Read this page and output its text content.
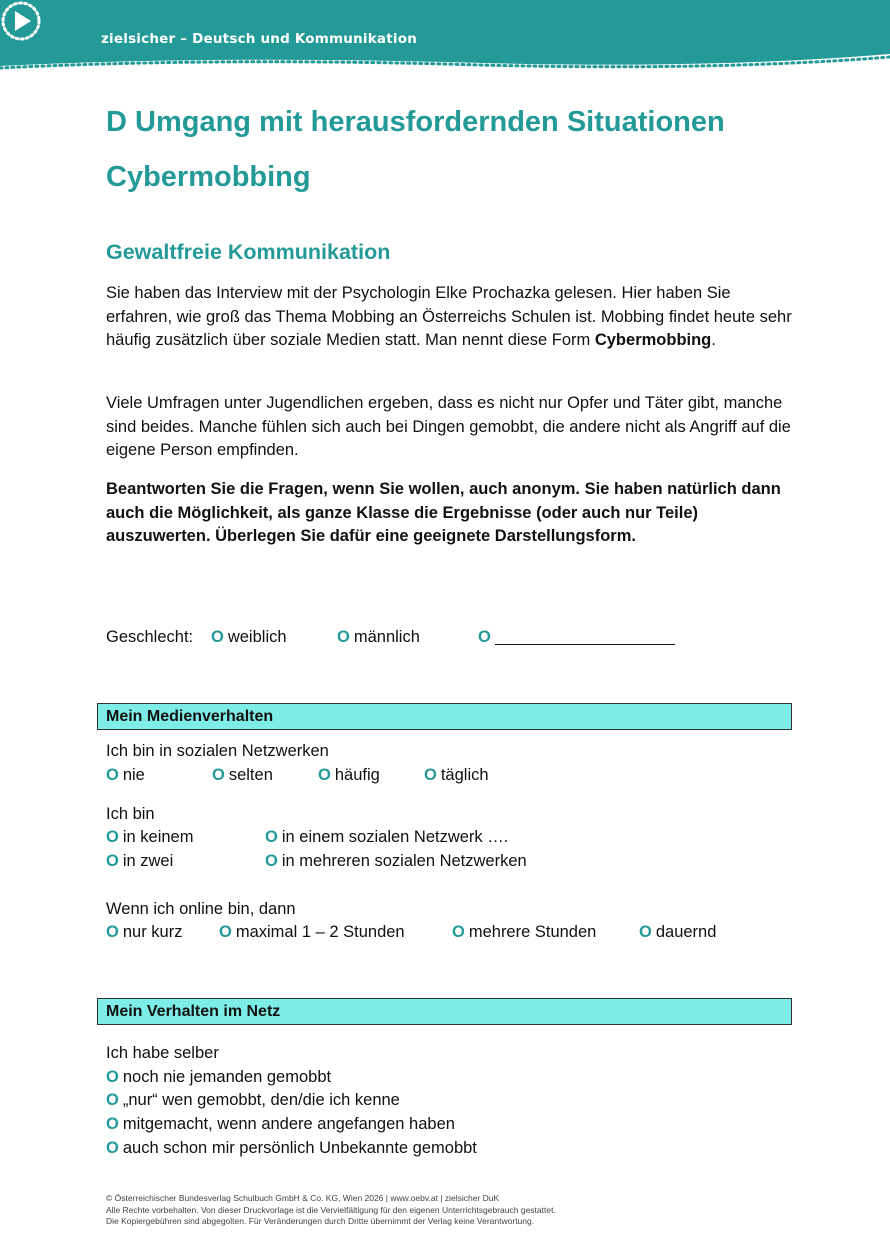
zielsicher – Deutsch und Kommunikation
D Umgang mit herausfordernden Situationen
Cybermobbing
Gewaltfreie Kommunikation

Sie haben das Interview mit der Psychologin Elke Prochazka gelesen. Hier haben Sie erfahren, wie groß das Thema Mobbing an Österreichs Schulen ist. Mobbing findet heute sehr häufig zusätzlich über soziale Medien statt. Man nennt diese Form Cybermobbing.

Viele Umfragen unter Jugendlichen ergeben, dass es nicht nur Opfer und Täter gibt, manche sind beides. Manche fühlen sich auch bei Dingen gemobbt, die andere nicht als Angriff auf die eigene Person empfinden.

Beantworten Sie die Fragen, wenn Sie wollen, auch anonym. Sie haben natürlich dann auch die Möglichkeit, als ganze Klasse die Ergebnisse (oder auch nur Teile) auszuwerten. Überlegen Sie dafür eine geeignete Darstellungsform.

Geschlecht: O weiblich	O männlich	O
Mein Medienverhalten
Ich bin in sozialen Netzwerken
O nie	O selten	O häufig	O täglich
Ich bin
O in keinem	O in einem sozialen Netzwerk ….
O in zwei	O in mehreren sozialen Netzwerken
Wenn ich online bin, dann
O nur kurz O maximal 1 – 2 Stunden	O mehrere Stunden	O dauernd
Mein Verhalten im Netz
Ich habe selber
O noch nie jemanden gemobbt
O „nur“ wen gemobbt, den/die ich kenne
O mitgemacht, wenn andere angefangen haben
O auch schon mir persönlich Unbekannte gemobbt
© Österreichischer Bundesverlag Schulbuch GmbH & Co. KG, Wien 2026 | www.oebv.at | zielsicher DuK
Alle Rechte vorbehalten. Von dieser Druckvorlage ist die Vervielfältigung für den eigenen Unterrichtsgebrauch gestattet.
Die Kopiergebühren sind abgegolten. Für Veränderungen durch Dritte übernimmt der Verlag keine Verantwortung.
